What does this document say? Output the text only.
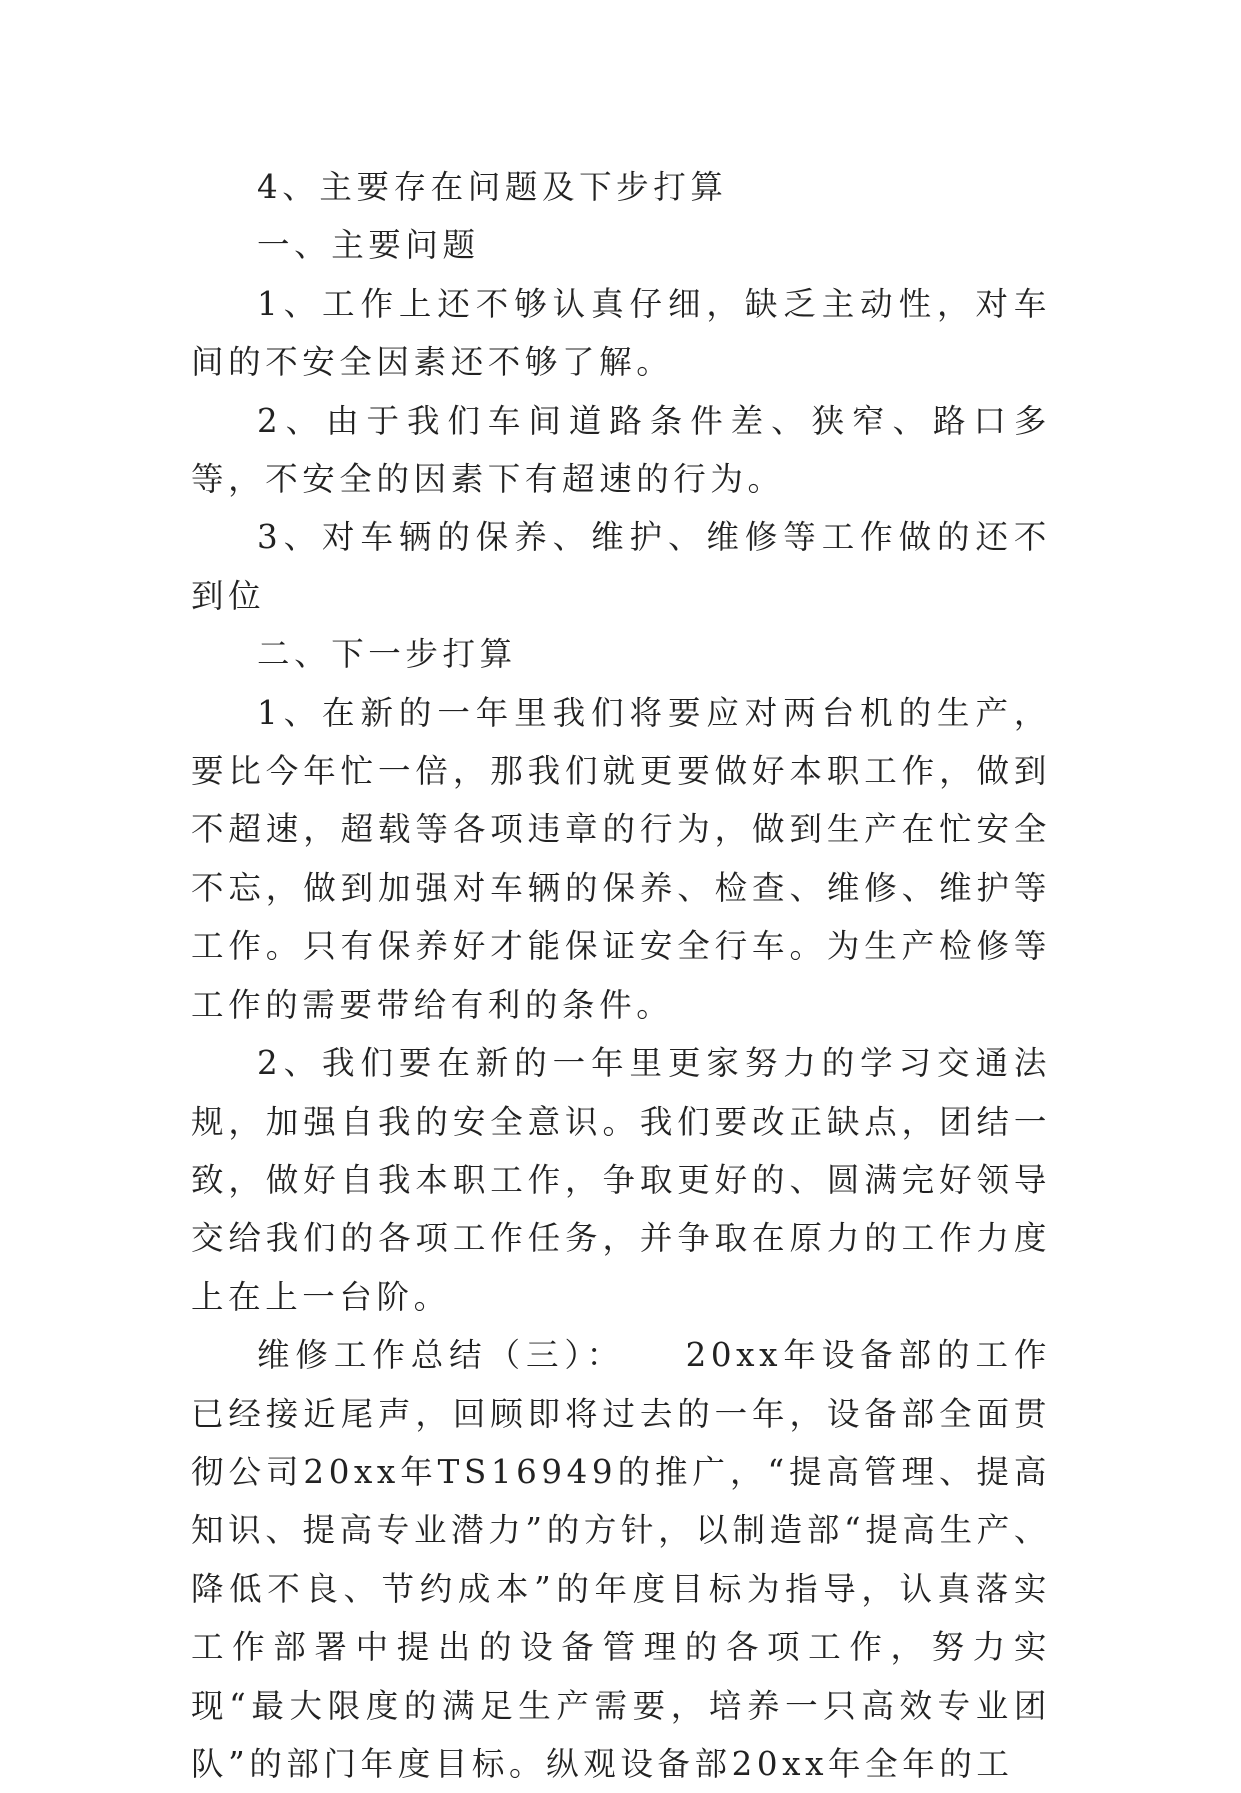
4、主要存在问题及下步打算

一、主要问题

1、工作上还不够认真仔细，缺乏主动性，对车间的不安全因素还不够了解。

2、由于我们车间道路条件差、狭窄、路口多等，不安全的因素下有超速的行为。

3、对车辆的保养、维护、维修等工作做的还不到位

二、下一步打算

1、在新的一年里我们将要应对两台机的生产，要比今年忙一倍，那我们就更要做好本职工作，做到不超速，超载等各项违章的行为，做到生产在忙安全不忘，做到加强对车辆的保养、检查、维修、维护等工作。只有保养好才能保证安全行车。为生产检修等工作的需要带给有利的条件。

2、我们要在新的一年里更家努力的学习交通法规，加强自我的安全意识。我们要改正缺点，团结一致，做好自我本职工作，争取更好的、圆满完好领导交给我们的各项工作任务，并争取在原力的工作力度上在上一台阶。

维修工作总结（三）：　　20xx年设备部的工作已经接近尾声，回顾即将过去的一年，设备部全面贯彻公司20xx年TS16949的推广，“提高管理、提高知识、提高专业潜力”的方针，以制造部“提高生产、降低不良、节约成本”的年度目标为指导，认真落实工作部署中提出的设备管理的各项工作，努力实现“最大限度的满足生产需要，培养一只高效专业团队”的部门年度目标。纵观设备部20xx年全年的工
